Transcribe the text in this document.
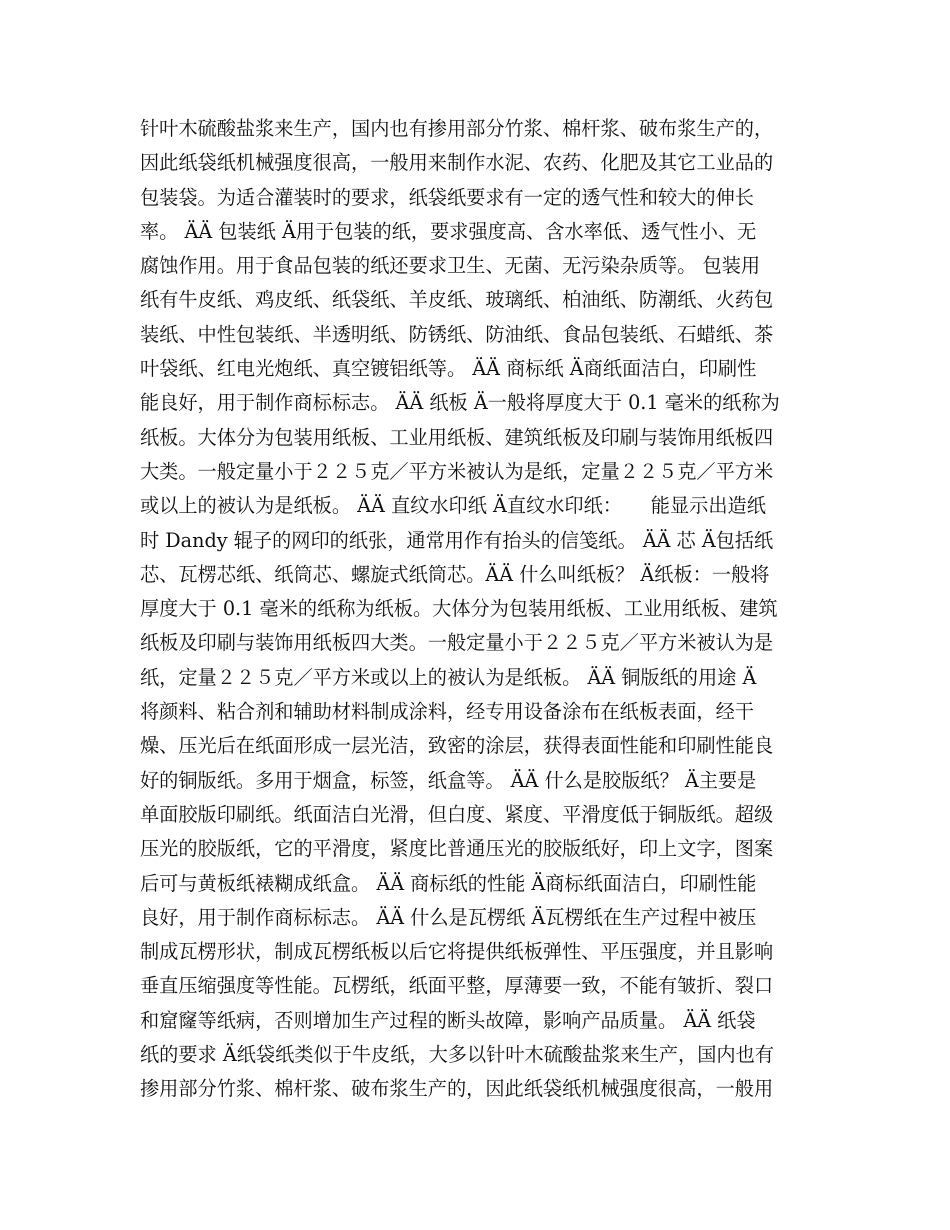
针叶木硫酸盐浆来生产，国内也有掺用部分竹浆、棉杆浆、破布浆生产的，
因此纸袋纸机械强度很高，一般用来制作水泥、农药、化肥及其它工业品的
包装袋。为适合灌装时的要求，纸袋纸要求有一定的透气性和较大的伸长
率。 ÄÄ 包装纸 Ä用于包装的纸，要求强度高、含水率低、透气性小、无
腐蚀作用。用于食品包装的纸还要求卫生、无菌、无污染杂质等。 包装用
纸有牛皮纸、鸡皮纸、纸袋纸、羊皮纸、玻璃纸、柏油纸、防潮纸、火药包
装纸、中性包装纸、半透明纸、防锈纸、防油纸、食品包装纸、石蜡纸、茶
叶袋纸、红电光炮纸、真空镀铝纸等。 ÄÄ 商标纸 Ä商纸面洁白，印刷性
能良好，用于制作商标标志。 ÄÄ 纸板 Ä一般将厚度大于 0.1 毫米的纸称为
纸板。大体分为包装用纸板、工业用纸板、建筑纸板及印刷与装饰用纸板四
大类。一般定量小于２２５克／平方米被认为是纸，定量２２５克／平方米
或以上的被认为是纸板。 ÄÄ 直纹水印纸 Ä直纹水印纸：　　能显示出造纸
时 Dandy 辊子的网印的纸张，通常用作有抬头的信笺纸。 ÄÄ 芯 Ä包括纸
芯、瓦楞芯纸、纸筒芯、螺旋式纸筒芯。ÄÄ 什么叫纸板？ Ä纸板：一般将
厚度大于 0.1 毫米的纸称为纸板。大体分为包装用纸板、工业用纸板、建筑
纸板及印刷与装饰用纸板四大类。一般定量小于２２５克／平方米被认为是
纸，定量２２５克／平方米或以上的被认为是纸板。 ÄÄ 铜版纸的用途 Ä
将颜料、粘合剂和辅助材料制成涂料，经专用设备涂布在纸板表面，经干
燥、压光后在纸面形成一层光洁，致密的涂层，获得表面性能和印刷性能良
好的铜版纸。多用于烟盒，标签，纸盒等。 ÄÄ 什么是胶版纸？ Ä主要是
单面胶版印刷纸。纸面洁白光滑，但白度、紧度、平滑度低于铜版纸。超级
压光的胶版纸，它的平滑度，紧度比普通压光的胶版纸好，印上文字，图案
后可与黄板纸裱糊成纸盒。 ÄÄ 商标纸的性能 Ä商标纸面洁白，印刷性能
良好，用于制作商标标志。 ÄÄ 什么是瓦楞纸 Ä瓦楞纸在生产过程中被压
制成瓦楞形状，制成瓦楞纸板以后它将提供纸板弹性、平压强度，并且影响
垂直压缩强度等性能。瓦楞纸，纸面平整，厚薄要一致，不能有皱折、裂口
和窟窿等纸病，否则增加生产过程的断头故障，影响产品质量。 ÄÄ 纸袋
纸的要求 Ä纸袋纸类似于牛皮纸，大多以针叶木硫酸盐浆来生产，国内也有
掺用部分竹浆、棉杆浆、破布浆生产的，因此纸袋纸机械强度很高，一般用
